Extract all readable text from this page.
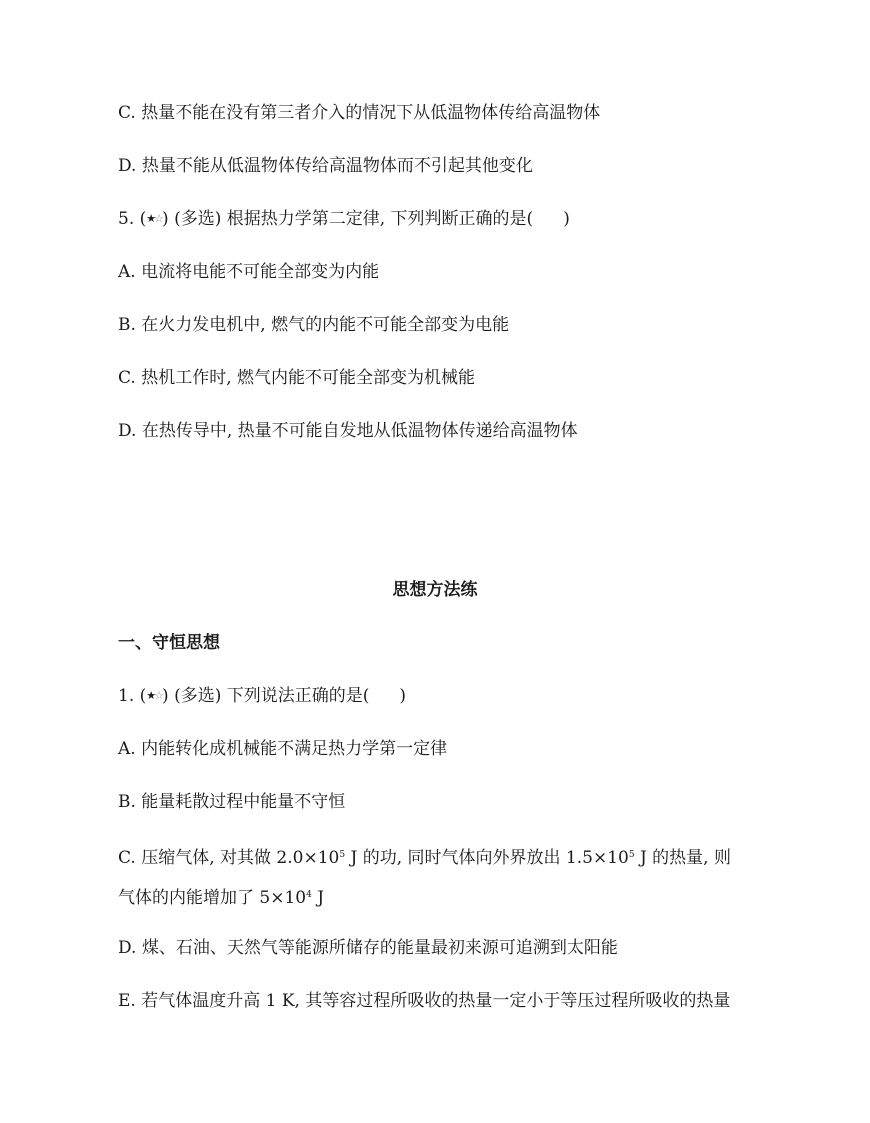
C. 热量不能在没有第三者介入的情况下从低温物体传给高温物体
D. 热量不能从低温物体传给高温物体而不引起其他变化
5. (★☆) (多选) 根据热力学第二定律, 下列判断正确的是( )
A. 电流将电能不可能全部变为内能
B. 在火力发电机中, 燃气的内能不可能全部变为电能
C. 热机工作时, 燃气内能不可能全部变为机械能
D. 在热传导中, 热量不可能自发地从低温物体传递给高温物体
思想方法练
一、守恒思想
1. (★☆) (多选) 下列说法正确的是( )
A. 内能转化成机械能不满足热力学第一定律
B. 能量耗散过程中能量不守恒
C. 压缩气体, 对其做 $2.0\times 10^5$ J 的功, 同时气体向外界放出 $1.5\times 10^5$ J 的热量, 则
气体的内能增加了 $5\times 10^4$ J
D. 煤、石油、天然气等能源所储存的能量最初来源可追溯到太阳能
E. 若气体温度升高 1 K, 其等容过程所吸收的热量一定小于等压过程所吸收的热量
